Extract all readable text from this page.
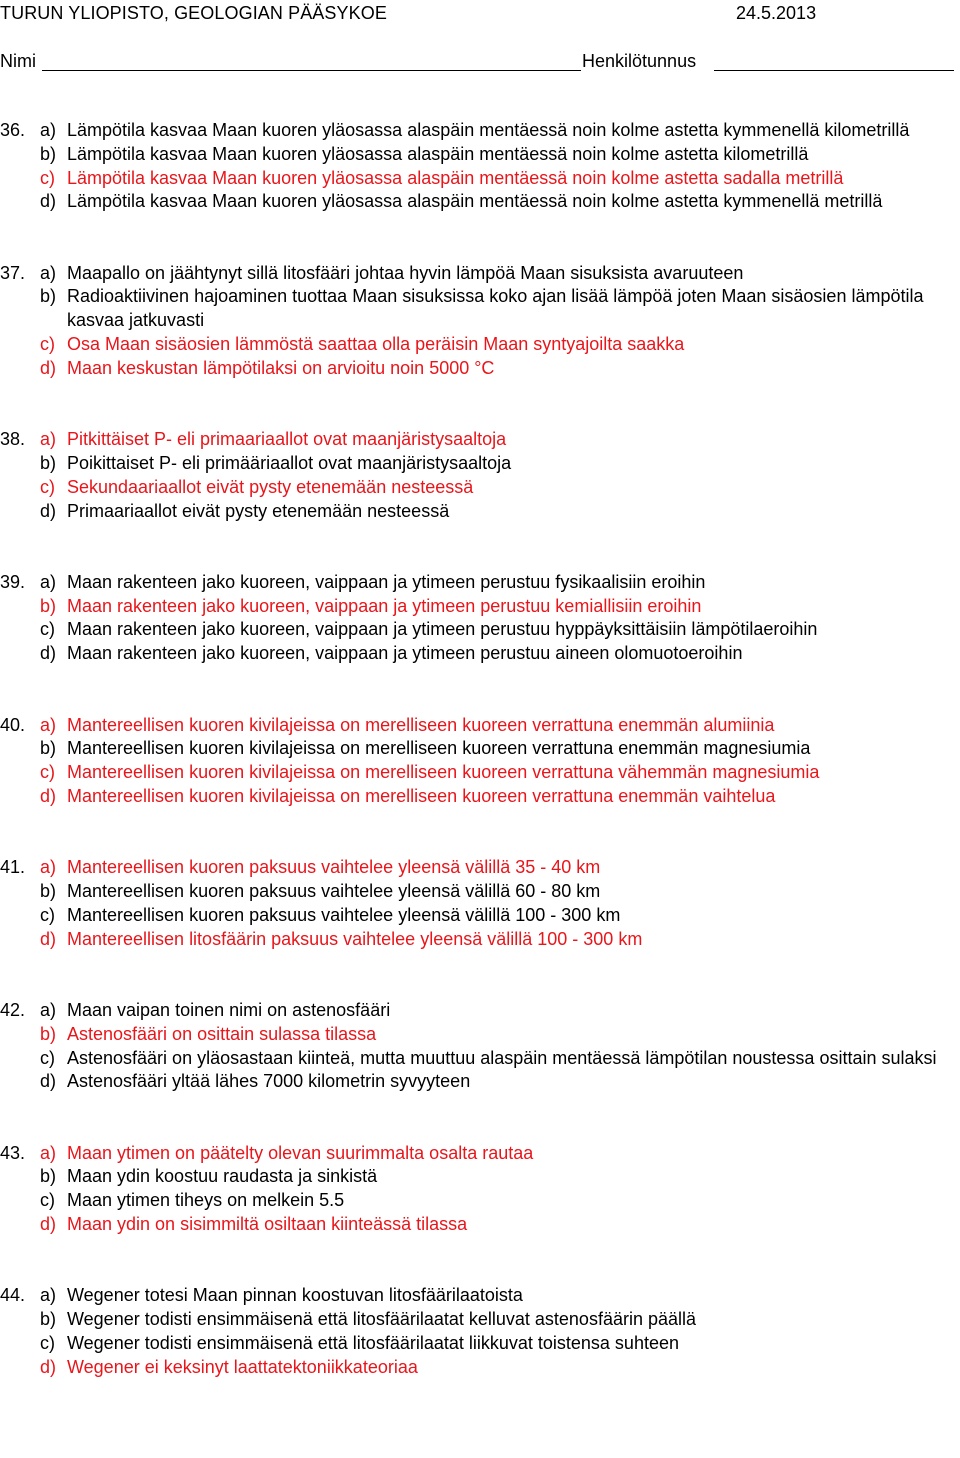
TURUN YLIOPISTO, GEOLOGIAN PÄÄSYKOE	24.5.2013
Nimi	Henkilötunnus
36. a) Lämpötila kasvaa Maan kuoren yläosassa alaspäin mentäessä noin kolme astetta kymmenellä kilometrillä
b) Lämpötila kasvaa Maan kuoren yläosassa alaspäin mentäessä noin kolme astetta kilometrillä
c) Lämpötila kasvaa Maan kuoren yläosassa alaspäin mentäessä noin kolme astetta sadalla metrillä
d) Lämpötila kasvaa Maan kuoren yläosassa alaspäin mentäessä noin kolme astetta kymmenellä metrillä
37. a) Maapallo on jäähtynyt sillä litosfääri johtaa hyvin lämpöä Maan sisuksista avaruuteen
b) Radioaktiivinen hajoaminen tuottaa Maan sisuksissa koko ajan lisää lämpöä joten Maan sisäosien lämpötila kasvaa jatkuvasti
c) Osa Maan sisäosien lämmöstä saattaa olla peräisin Maan syntyajoilta saakka
d) Maan keskustan lämpötilaksi on arvioitu noin 5000 °C
38. a) Pitkittäiset P- eli primaariaallot ovat maanjäristysaaltoja
b) Poikittaiset P- eli primääriaallot ovat maanjäristysaaltoja
c) Sekundaariaallot eivät pysty etenemään nesteessä
d) Primaariaallot eivät pysty etenemään nesteessä
39. a) Maan rakenteen jako kuoreen, vaippaan ja ytimeen perustuu fysikaalisiin eroihin
b) Maan rakenteen jako kuoreen, vaippaan ja ytimeen perustuu kemiallisiin eroihin
c) Maan rakenteen jako kuoreen, vaippaan ja ytimeen perustuu hyppäyksittäisiin lämpötilaeroihin
d) Maan rakenteen jako kuoreen, vaippaan ja ytimeen perustuu aineen olomuotoeroihin
40. a) Mantereellisen kuoren kivilajeissa on merelliseen kuoreen verrattuna enemmän alumiinia
b) Mantereellisen kuoren kivilajeissa on merelliseen kuoreen verrattuna enemmän magnesiumia
c) Mantereellisen kuoren kivilajeissa on merelliseen kuoreen verrattuna vähemmän magnesiumia
d) Mantereellisen kuoren kivilajeissa on merelliseen kuoreen verrattuna enemmän vaihtelua
41. a) Mantereellisen kuoren paksuus vaihtelee yleensä välillä 35 - 40 km
b) Mantereellisen kuoren paksuus vaihtelee yleensä välillä 60 - 80 km
c) Mantereellisen kuoren paksuus vaihtelee yleensä välillä 100 - 300 km
d) Mantereellisen litosfäärin paksuus vaihtelee yleensä välillä 100 - 300 km
42. a) Maan vaipan toinen nimi on astenosfääri
b) Astenosfääri on osittain sulassa tilassa
c) Astenosfääri on yläosastaan kiinteä, mutta muuttuu alaspäin mentäessä lämpötilan noustessa osittain sulaksi
d) Astenosfääri yltää lähes 7000 kilometrin syvyyteen
43. a) Maan ytimen on päätelty olevan suurimmalta osalta rautaa
b) Maan ydin koostuu raudasta ja sinkistä
c) Maan ytimen tiheys on melkein 5.5
d) Maan ydin on sisimmiltä osiltaan kiinteässä tilassa
44. a) Wegener totesi Maan pinnan koostuvan litosfäärilaatoista
b) Wegener todisti ensimmäisenä että litosfäärilaatat kelluvat astenosfäärin päällä
c) Wegener todisti ensimmäisenä että litosfäärilaatat liikkuvat toistensa suhteen
d) Wegener ei keksinyt laattatektoniikkateoriaa
